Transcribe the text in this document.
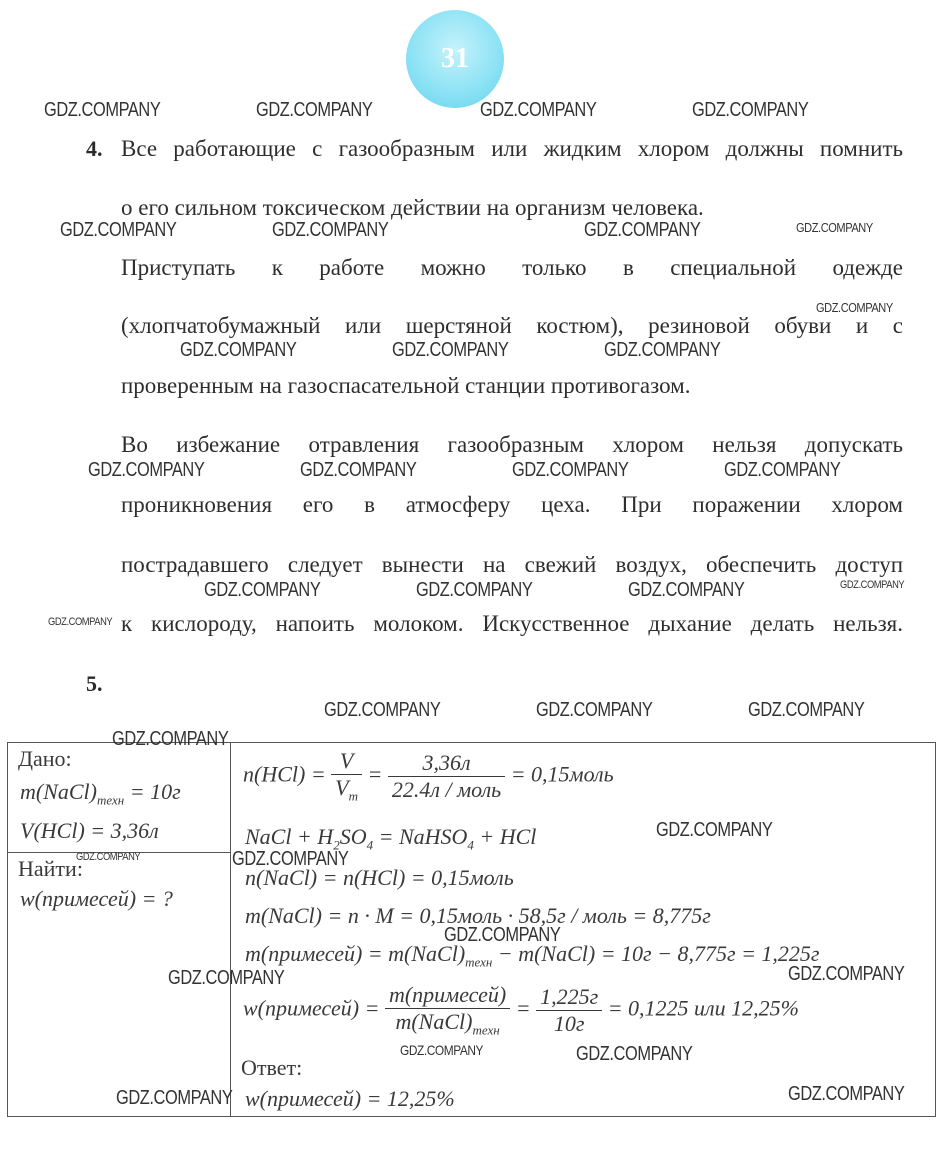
31
4. Все работающие с газообразным или жидким хлором должны помнить
о его сильном токсическом действии на организм человека.
Приступать к работе можно только в специальной одежде
(хлопчатобумажный или шерстяной костюм), резиновой обуви и с
проверенным на газоспасательной станции противогазом.
Во избежание отравления газообразным хлором нельзя допускать
проникновения его в атмосферу цеха. При поражении хлором
пострадавшего следует вынести на свежий воздух, обеспечить доступ
к кислороду, напоить молоком. Искусственное дыхание делать нельзя.
5.
Дано:
$m(NaCl)_{техн} = 10г$
V(HCl) = 3,36л
Найти:
w(примесей) = ?
$n(HCl) = \frac{V}{V_m} = \frac{3,36л}{\text{22.4л / моль}}$ = 0,15моль
NaCl + $H_2SO_4$ = NaHSO$_4$ + HCl
n(NaCl) = n(HCl) = 0,15моль
m(NaCl) = n · M = 0,15моль · 58,5г / моль = 8,775г
m(примесей) = $m(NaCl)_{техн}$ − m(NaCl) = 10г − 8,775г = 1,225г
w(примесей) = $\frac{\text{m(примесей)}}{m(NaCl)_{техн}} = \frac{1,225г}{10г} = 0,1225$ или 12,25%
Ответ:
w(примесей) = 12,25%
GDZ.COMPANY	GDZ.COMPANY	GDZ.COMPANY	GDZ.COMPANY
GDZ.COMPANY	GDZ.COMPANY	GDZ.COMPANY	GDZ.COMPANY
GDZ.COMPANY
GDZ.COMPANY	GDZ.COMPANY	GDZ.COMPANY
GDZ.COMPANY	GDZ.COMPANY	GDZ.COMPANY	GDZ.COMPANY
GDZ.COMPANY	GDZ.COMPANY	GDZ.COMPANY	GDZ.COMPANY
GDZ.COMPANY
GDZ.COMPANY	GDZ.COMPANY	GDZ.COMPANY
GDZ.COMPANY
GDZ.COMPANY
GDZ.COMPANY	GDZ.COMPANY
GDZ.COMPANY
GDZ.COMPANY	GDZ.COMPANY
GDZ.COMPANY	GDZ.COMPANY
GDZ.COMPANY	GDZ.COMPANY
